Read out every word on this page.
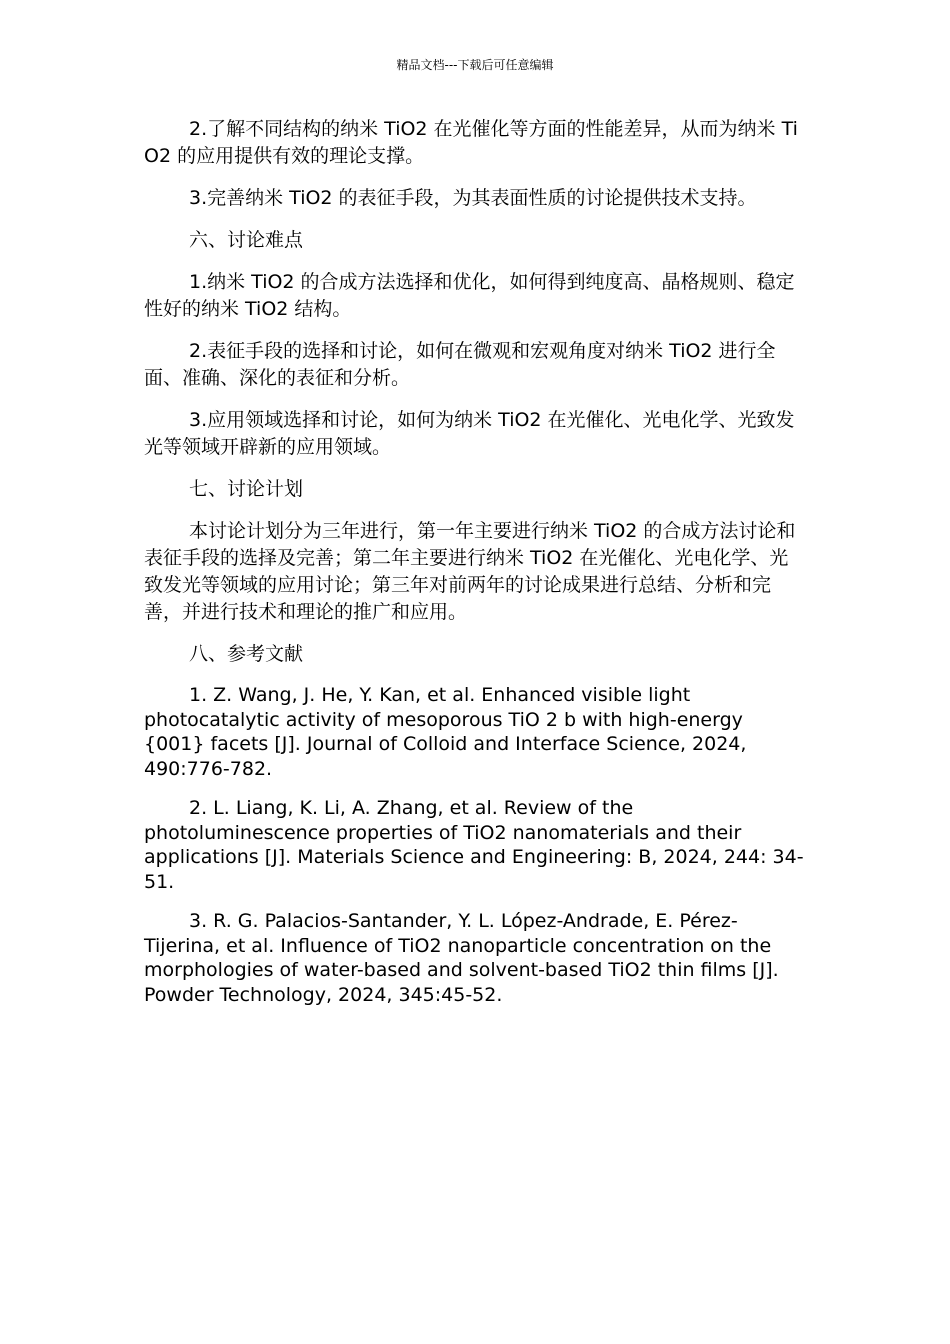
精品文档---下载后可任意编辑

2.了解不同结构的纳米 TiO2 在光催化等方面的性能差异，从而为纳米 TiO2 的应用提供有效的理论支撑。

3.完善纳米 TiO2 的表征手段，为其表面性质的讨论提供技术支持。

六、讨论难点

1.纳米 TiO2 的合成方法选择和优化，如何得到纯度高、晶格规则、稳定性好的纳米 TiO2 结构。

2.表征手段的选择和讨论，如何在微观和宏观角度对纳米 TiO2 进行全面、准确、深化的表征和分析。

3.应用领域选择和讨论，如何为纳米 TiO2 在光催化、光电化学、光致发光等领域开辟新的应用领域。

七、讨论计划

本讨论计划分为三年进行，第一年主要进行纳米 TiO2 的合成方法讨论和表征手段的选择及完善；第二年主要进行纳米 TiO2 在光催化、光电化学、光致发光等领域的应用讨论；第三年对前两年的讨论成果进行总结、分析和完善，并进行技术和理论的推广和应用。

八、参考文献

1. Z. Wang, J. He, Y. Kan, et al. Enhanced visible light photocatalytic activity of mesoporous TiO 2 b with high-energy {001} facets [J]. Journal of Colloid and Interface Science, 2024, 490:776-782.

2. L. Liang, K. Li, A. Zhang, et al. Review of the photoluminescence properties of TiO2 nanomaterials and their applications [J]. Materials Science and Engineering: B, 2024, 244: 34-51.

3. R. G. Palacios-Santander, Y. L. López-Andrade, E. Pérez-Tijerina, et al. Influence of TiO2 nanoparticle concentration on the morphologies of water-based and solvent-based TiO2 thin films [J]. Powder Technology, 2024, 345:45-52.
